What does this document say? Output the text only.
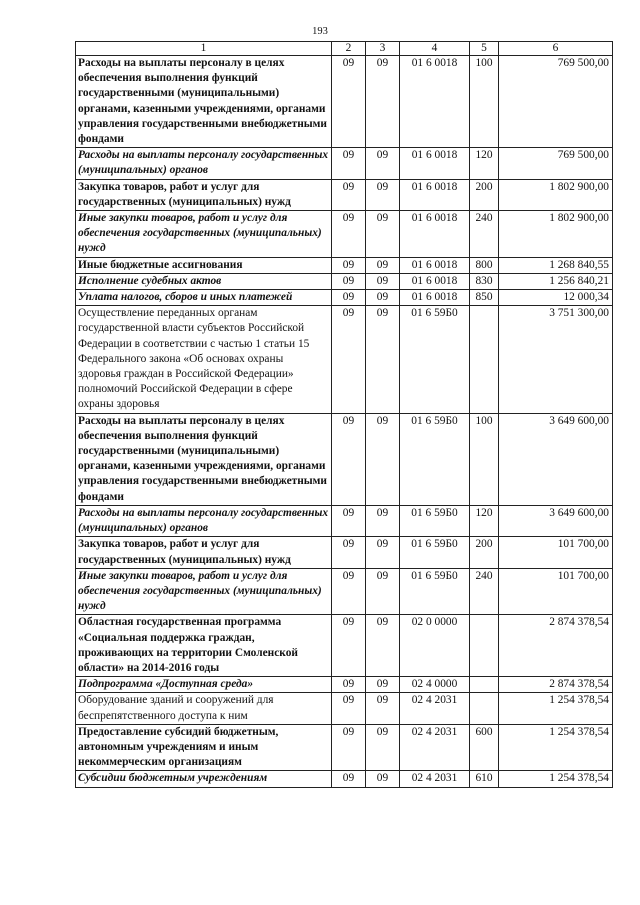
193
1	2	3	4	5	6
Расходы на выплаты персоналу в целях обеспечения выполнения функций государственными (муниципальными) органами, казенными учреждениями, органами управления государственными внебюджетными фондами	09	09	01 6 0018	100	769 500,00
Расходы на выплаты персоналу государственных (муниципальных) органов	09	09	01 6 0018	120	769 500,00
Закупка товаров, работ и услуг для государственных (муниципальных) нужд	09	09	01 6 0018	200	1 802 900,00
Иные закупки товаров, работ и услуг для обеспечения государственных (муниципальных) нужд	09	09	01 6 0018	240	1 802 900,00
Иные бюджетные ассигнования	09	09	01 6 0018	800	1 268 840,55
Исполнение судебных актов	09	09	01 6 0018	830	1 256 840,21
Уплата налогов, сборов и иных платежей	09	09	01 6 0018	850	12 000,34
Осуществление переданных органам государственной власти субъектов Российской Федерации в соответствии с частью 1 статьи 15 Федерального закона «Об основах охраны здоровья граждан в Российской Федерации» полномочий Российской Федерации в сфере охраны здоровья	09	09	01 6 59Б0		3 751 300,00
Расходы на выплаты персоналу в целях обеспечения выполнения функций государственными (муниципальными) органами, казенными учреждениями, органами управления государственными внебюджетными фондами	09	09	01 6 59Б0	100	3 649 600,00
Расходы на выплаты персоналу государственных (муниципальных) органов	09	09	01 6 59Б0	120	3 649 600,00
Закупка товаров, работ и услуг для государственных (муниципальных) нужд	09	09	01 6 59Б0	200	101 700,00
Иные закупки товаров, работ и услуг для обеспечения государственных (муниципальных) нужд	09	09	01 6 59Б0	240	101 700,00
Областная государственная программа «Социальная поддержка граждан, проживающих на территории Смоленской области» на 2014-2016 годы	09	09	02 0 0000		2 874 378,54
Подпрограмма «Доступная среда»	09	09	02 4 0000		2 874 378,54
Оборудование зданий и сооружений для беспрепятственного доступа к ним	09	09	02 4 2031		1 254 378,54
Предоставление субсидий бюджетным, автономным учреждениям и иным некоммерческим организациям	09	09	02 4 2031	600	1 254 378,54
Субсидии бюджетным учреждениям	09	09	02 4 2031	610	1 254 378,54
